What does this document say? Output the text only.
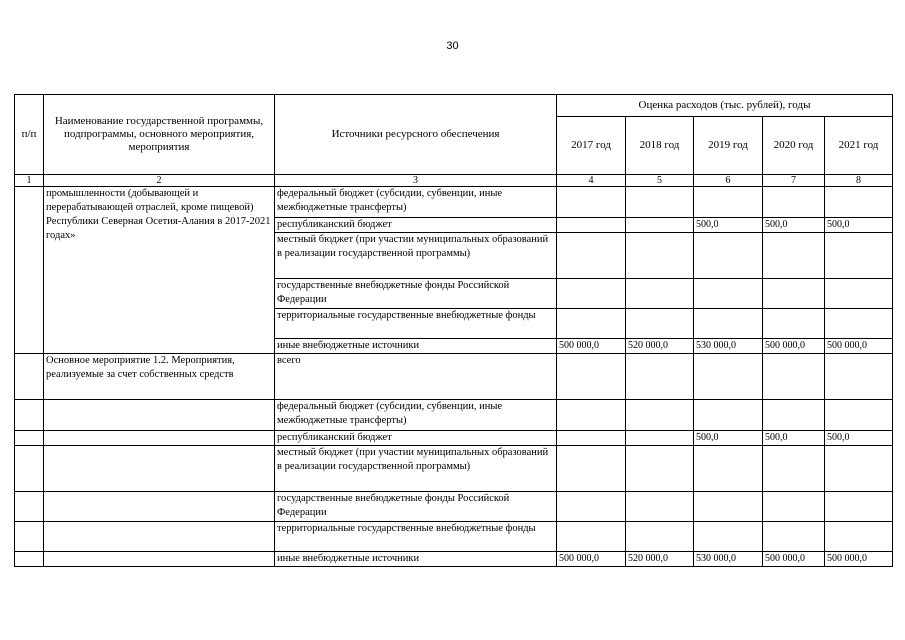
30
п/п	Наименование государственной программы, подпрограммы, основного мероприятия, мероприятия	Источники ресурсного обеспечения	Оценка расходов (тыс. рублей), годы				
			2017 год	2018 год	2019 год	2020 год	2021 год
1	2	3	4	5	6	7	8
	промышленности (добывающей и перерабатывающей отраслей, кроме пищевой) Республики Северная Осетия-Алания в 2017-2021 годах»	федеральный бюджет (субсидии, субвенции, иные межбюджетные трансферты)					
		республиканский бюджет			500,0	500,0	500,0
		местный бюджет (при участии муниципальных образований в реализации государственной программы)					
		государственные внебюджетные фонды Российской Федерации					
		территориальные государственные внебюджетные фонды					
		иные внебюджетные источники	500 000,0	520 000,0	530 000,0	500 000,0	500 000,0
	Основное мероприятие 1.2. Мероприятия, реализуемые за счет собственных средств	всего					
		федеральный бюджет (субсидии, субвенции, иные межбюджетные трансферты)					
		республиканский бюджет			500,0	500,0	500,0
		местный бюджет (при участии муниципальных образований в реализации государственной программы)					
		государственные внебюджетные фонды Российской Федерации					
		территориальные государственные внебюджетные фонды					
		иные внебюджетные источники	500 000,0	520 000,0	530 000,0	500 000,0	500 000,0
